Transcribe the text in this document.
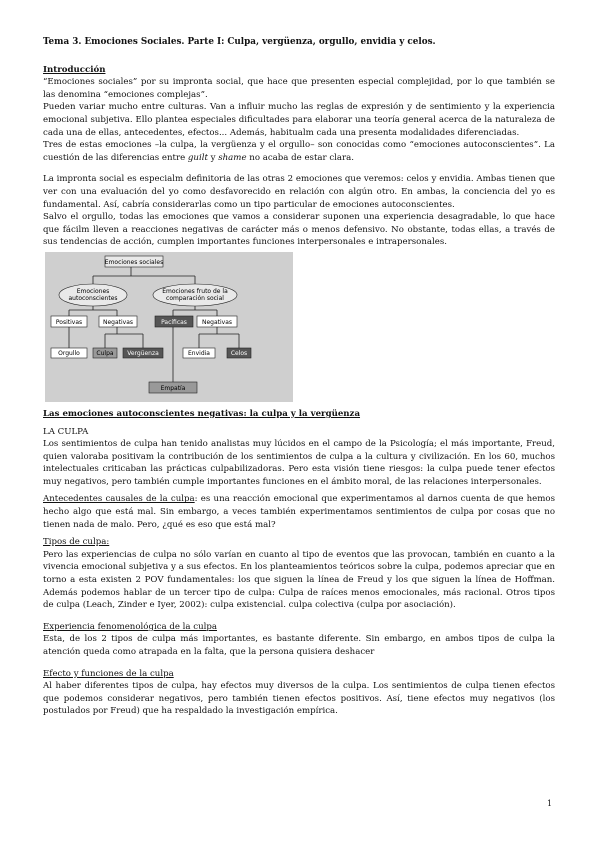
Tema 3. Emociones Sociales. Parte I: Culpa, vergüenza, orgullo, envidia y celos.

Introducción

“Emociones sociales” por su impronta social, que hace que presenten especial complejidad, por lo que también se las denomina “emociones complejas”.

Pueden variar mucho entre culturas. Van a influir mucho las reglas de expresión y de sentimiento y la experiencia emocional subjetiva. Ello plantea especiales dificultades para elaborar una teoría general acerca de la naturaleza de cada una de ellas, antecedentes, efectos... Además, habitualm cada una presenta modalidades diferenciadas.

Tres de estas emociones –la culpa, la vergüenza y el orgullo– son conocidas como “emociones autoconscientes”. La cuestión de las diferencias entre guilt y shame no acaba de estar clara.

La impronta social es especialm definitoria de las otras 2 emociones que veremos: celos y envidia. Ambas tienen que ver con una evaluación del yo como desfavorecido en relación con algún otro. En ambas, la conciencia del yo es fundamental. Así, cabría considerarlas como un tipo particular de emociones autoconscientes.

Salvo el orgullo, todas las emociones que vamos a considerar suponen una experiencia desagradable, lo que hace que fácilm lleven a reacciones negativas de carácter más o menos defensivo. No obstante, todas ellas, a través de sus tendencias de acción, cumplen importantes funciones interpersonales e intrapersonales.

Emociones sociales
Emociones
autoconscientes
Emociones fruto de la
comparación social
Positivas	Negativas	Pacíficas	Negativas
Orgullo	Culpa Vergüenza	Envidia	Celos
Empatía

Las emociones autoconscientes negativas: la culpa y la vergüenza

LA CULPA

Los sentimientos de culpa han tenido analistas muy lúcidos en el campo de la Psicología; el más importante, Freud, quien valoraba positivam la contribución de los sentimientos de culpa a la cultura y civilización. En los 60, muchos intelectuales criticaban las prácticas culpabilizadoras. Pero esta visión tiene riesgos: la culpa puede tener efectos muy negativos, pero también cumple importantes funciones en el ámbito moral, de las relaciones interpersonales.

Antecedentes causales de la culpa: es una reacción emocional que experimentamos al darnos cuenta de que hemos hecho algo que está mal. Sin embargo, a veces también experimentamos sentimientos de culpa por cosas que no tienen nada de malo. Pero, ¿qué es eso que está mal?

Tipos de culpa:

Pero las experiencias de culpa no sólo varían en cuanto al tipo de eventos que las provocan, también en cuanto a la vivencia emocional subjetiva y a sus efectos. En los planteamientos teóricos sobre la culpa, podemos apreciar que en torno a esta existen 2 POV fundamentales: los que siguen la línea de Freud y los que siguen la línea de Hoffman. Además podemos hablar de un tercer tipo de culpa: Culpa de raíces menos emocionales, más racional. Otros tipos de culpa (Leach, Zinder e Iyer, 2002): culpa existencial. culpa colectiva (culpa por asociación).

Experiencia fenomenológica de la culpa

Esta, de los 2 tipos de culpa más importantes, es bastante diferente. Sin embargo, en ambos tipos de culpa la atención queda como atrapada en la falta, que la persona quisiera deshacer

Efecto y funciones de la culpa

Al haber diferentes tipos de culpa, hay efectos muy diversos de la culpa. Los sentimientos de culpa tienen efectos que podemos considerar negativos, pero también tienen efectos positivos. Así, tiene efectos muy negativos (los postulados por Freud) que ha respaldado la investigación empírica.

1
